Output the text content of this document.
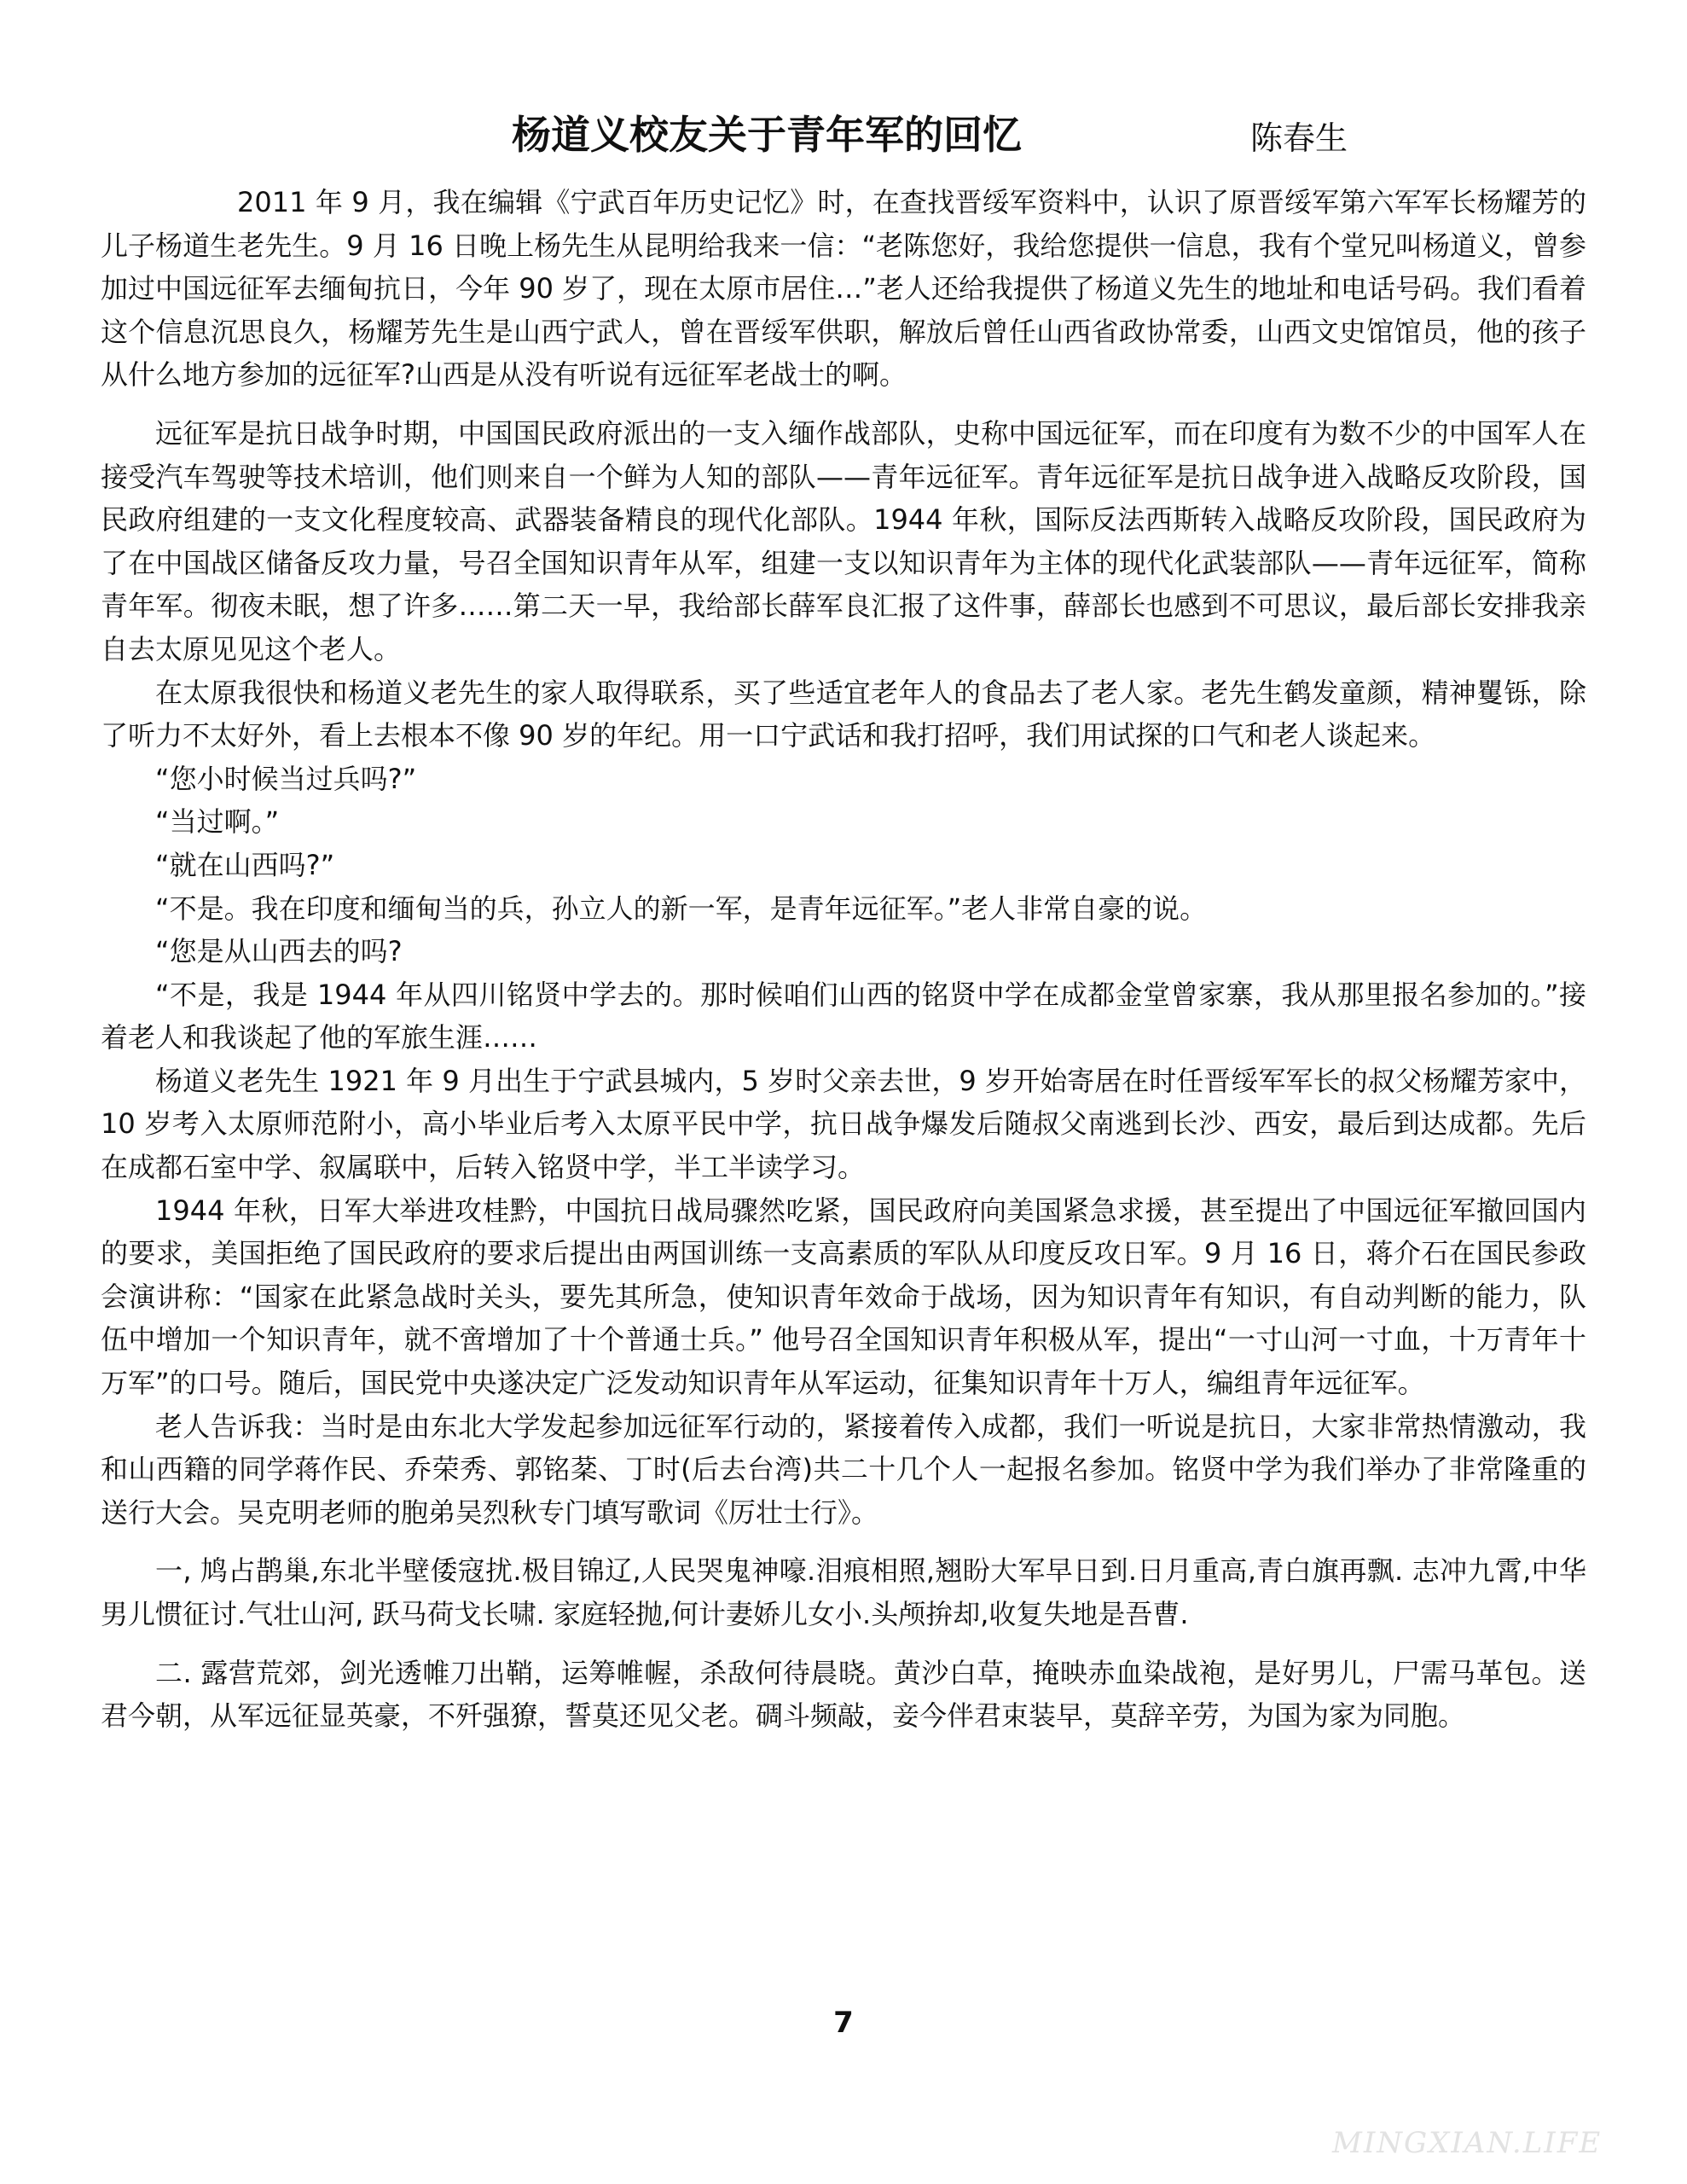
杨道义校友关于青年军的回忆	陈春生

2011 年 9 月，我在编辑《宁武百年历史记忆》时，在查找晋绥军资料中，认识了原晋绥军第六军军长杨耀芳的儿子杨道生老先生。9 月 16 日晚上杨先生从昆明给我来一信：“老陈您好，我给您提供一信息，我有个堂兄叫杨道义，曾参加过中国远征军去缅甸抗日，今年 90 岁了，现在太原市居住…”老人还给我提供了杨道义先生的地址和电话号码。我们看着这个信息沉思良久，杨耀芳先生是山西宁武人，曾在晋绥军供职，解放后曾任山西省政协常委，山西文史馆馆员，他的孩子从什么地方参加的远征军?山西是从没有听说有远征军老战士的啊。

远征军是抗日战争时期，中国国民政府派出的一支入缅作战部队，史称中国远征军，而在印度有为数不少的中国军人在接受汽车驾驶等技术培训，他们则来自一个鲜为人知的部队——青年远征军。青年远征军是抗日战争进入战略反攻阶段，国民政府组建的一支文化程度较高、武器装备精良的现代化部队。1944 年秋，国际反法西斯转入战略反攻阶段，国民政府为了在中国战区储备反攻力量，号召全国知识青年从军，组建一支以知识青年为主体的现代化武装部队——青年远征军，简称青年军。彻夜未眠，想了许多……第二天一早，我给部长薛军良汇报了这件事，薛部长也感到不可思议，最后部长安排我亲自去太原见见这个老人。

在太原我很快和杨道义老先生的家人取得联系，买了些适宜老年人的食品去了老人家。老先生鹤发童颜，精神矍铄，除了听力不太好外，看上去根本不像 90 岁的年纪。用一口宁武话和我打招呼，我们用试探的口气和老人谈起来。

“您小时候当过兵吗?”

“当过啊。”

“就在山西吗?”

“不是。我在印度和缅甸当的兵，孙立人的新一军，是青年远征军。”老人非常自豪的说。

“您是从山西去的吗?

“不是，我是 1944 年从四川铭贤中学去的。那时候咱们山西的铭贤中学在成都金堂曾家寨，我从那里报名参加的。”接着老人和我谈起了他的军旅生涯……

杨道义老先生 1921 年 9 月出生于宁武县城内，5 岁时父亲去世，9 岁开始寄居在时任晋绥军军长的叔父杨耀芳家中，10 岁考入太原师范附小，高小毕业后考入太原平民中学，抗日战争爆发后随叔父南逃到长沙、西安，最后到达成都。先后在成都石室中学、叙属联中，后转入铭贤中学，半工半读学习。

1944 年秋，日军大举进攻桂黔，中国抗日战局骤然吃紧，国民政府向美国紧急求援，甚至提出了中国远征军撤回国内的要求，美国拒绝了国民政府的要求后提出由两国训练一支高素质的军队从印度反攻日军。9 月 16 日，蒋介石在国民参政会演讲称：“国家在此紧急战时关头，要先其所急，使知识青年效命于战场，因为知识青年有知识，有自动判断的能力，队伍中增加一个知识青年，就不啻增加了十个普通士兵。” 他号召全国知识青年积极从军，提出“一寸山河一寸血，十万青年十万军”的口号。随后，国民党中央遂决定广泛发动知识青年从军运动，征集知识青年十万人，编组青年远征军。

老人告诉我：当时是由东北大学发起参加远征军行动的，紧接着传入成都，我们一听说是抗日，大家非常热情激动，我和山西籍的同学蒋作民、乔荣秀、郭铭棻、丁时(后去台湾)共二十几个人一起报名参加。铭贤中学为我们举办了非常隆重的送行大会。吴克明老师的胞弟吴烈秋专门填写歌词《厉壮士行》。

一, 鸠占鹊巢,东北半壁倭寇扰.极目锦辽,人民哭鬼神嚎.泪痕相照,翘盼大军早日到.日月重高,青白旗再飘. 志冲九霄,中华男儿惯征讨.气壮山河, 跃马荷戈长啸. 家庭轻抛,何计妻娇儿女小.头颅拚却,收复失地是吾曹.

二. 露营荒郊，剑光透帷刀出鞘，运筹帷幄，杀敌何待晨晓。黄沙白草，掩映赤血染战袍，是好男儿，尸需马革包。送君今朝，从军远征显英豪，不歼强獠，誓莫还见父老。碉斗频敲，妾今伴君束装早，莫辞辛劳，为国为家为同胞。

7
MINGXIAN.LIFE
